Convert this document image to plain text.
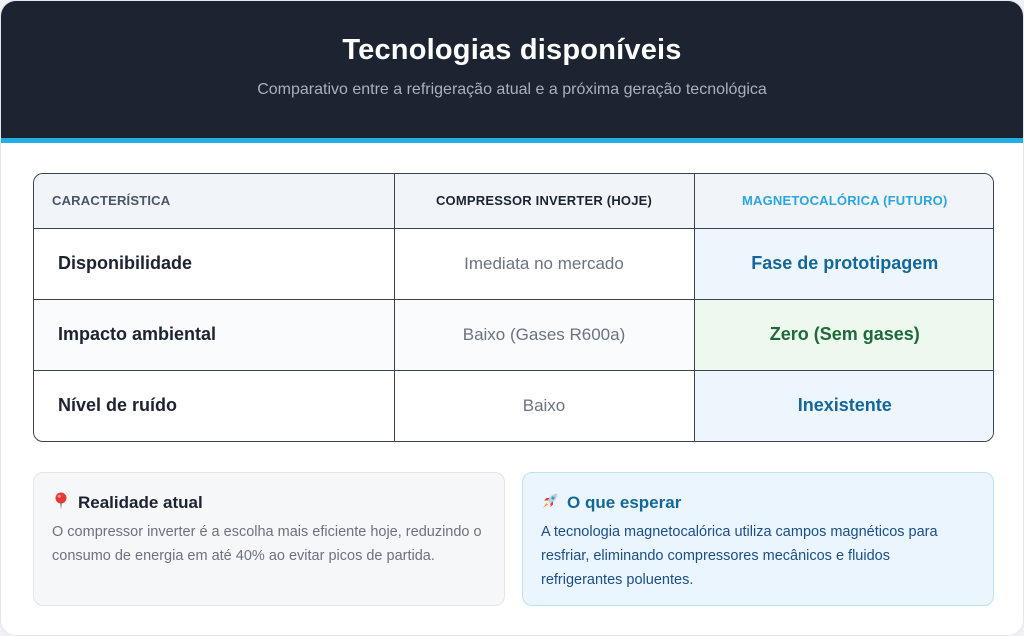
Tecnologias disponíveis
Comparativo entre a refrigeração atual e a próxima geração tecnológica
CARACTERÍSTICA	COMPRESSOR INVERTER (HOJE)	MAGNETOCALÓRICA (FUTURO)
Disponibilidade	Imediata no mercado	Fase de prototipagem
Impacto ambiental	Baixo (Gases R600a)	Zero (Sem gases)
Nível de ruído	Baixo	Inexistente
Realidade atual
O compressor inverter é a escolha mais eficiente hoje, reduzindo o consumo de energia em até 40% ao evitar picos de partida.
O que esperar
A tecnologia magnetocalórica utiliza campos magnéticos para resfriar, eliminando compressores mecânicos e fluidos refrigerantes poluentes.
